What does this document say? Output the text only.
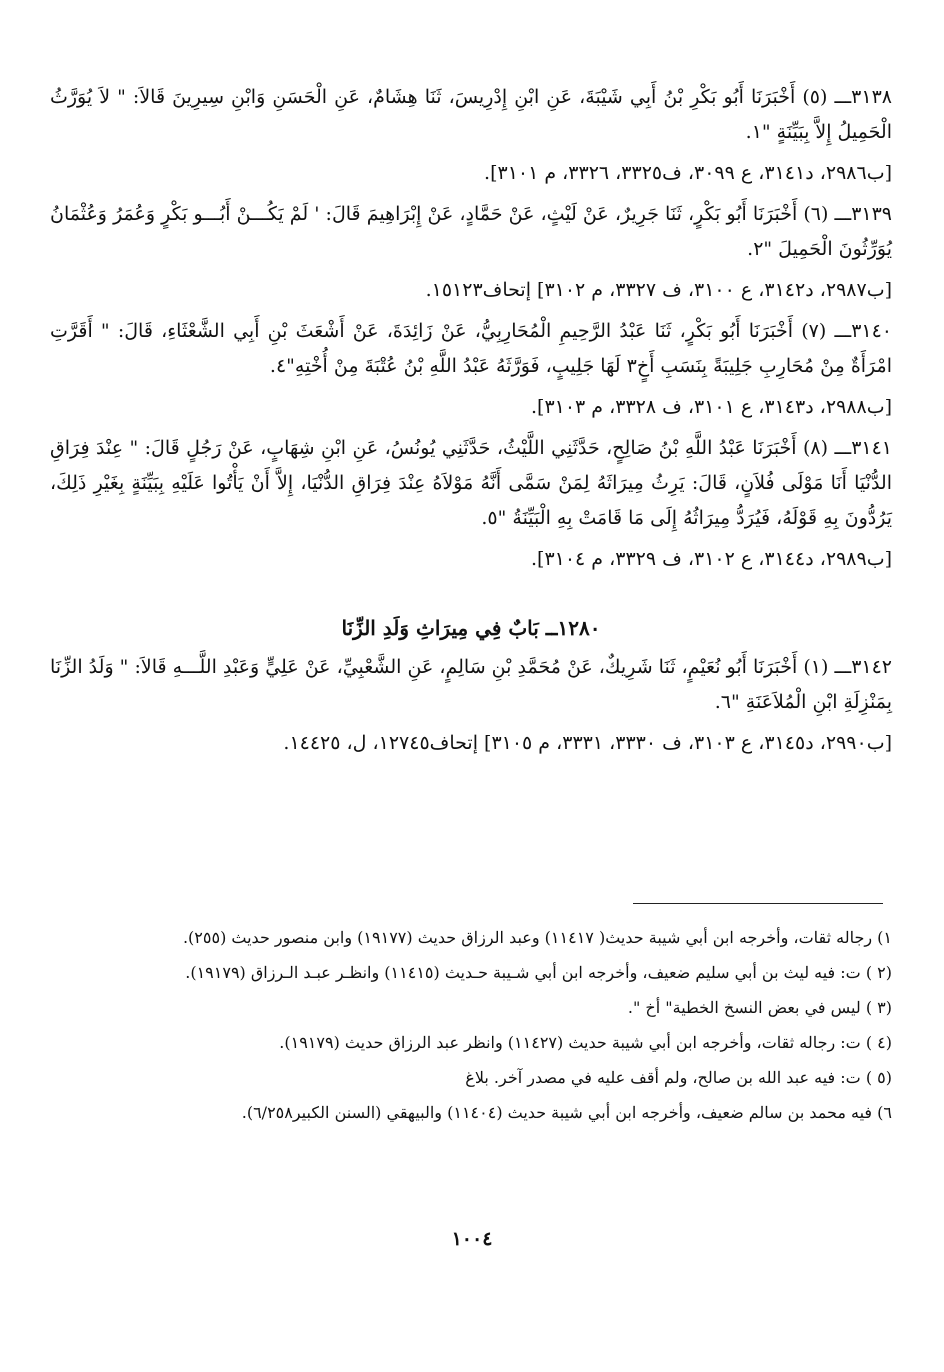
٣١٣٨ـــ (٥) أَخْبَرَنَا أَبُو بَكْرِ بْنُ أَبِي شَيْبَةَ، عَنِ ابْنِ إِدْرِيسَ، ثَنَا هِشَامٌ، عَنِ الْحَسَنِ وَابْنِ سِيرِينَ قَالاَ: " لاَ يُوَرَّثُ الْحَمِيلُ إِلاَّ بِبَيِّنَةٍ "١.

[ب٢٩٨٦، د٣١٤١، ع ٣٠٩٩، ف٣٣٢٥، ٣٣٢٦، م ٣١٠١].

٣١٣٩ـــ (٦) أَخْبَرَنَا أَبُو بَكْرٍ، ثَنَا جَرِيرٌ، عَنْ لَيْثٍ، عَنْ حَمَّادٍ، عَنْ إِبْرَاهِيمَ قَالَ: ' لَمْ يَكُـــنْ أَبُـــو بَكْرٍ وَعُمَرُ وَعُثْمَانُ يُوَرِّثُونَ الْحَمِيلَ "٢.

[ب٢٩٨٧، د٣١٤٢، ع ٣١٠٠، ف ٣٣٢٧، م ٣١٠٢] إتحاف١٥١٢٣.

٣١٤٠ـــ (٧) أَخْبَرَنَا أَبُو بَكْرٍ، ثَنَا عَبْدُ الرَّحِيمِ الْمُحَارِبِيُّ، عَنْ زَائِدَةَ، عَنْ أَشْعَثَ بْنِ أَبِي الشَّعْثَاءِ، قَالَ: " أَقَرَّتِ امْرَأَةٌ مِنْ مُحَارِبِ جَلِيبَةً بِنَسَبِ أَخٍ٣ لَهَا جَلِيبٍ، فَوَرَّثَهُ عَبْدُ اللَّهِ بْنُ عُتْبَةَ مِنْ أُخْتِهِ"٤.

[ب٢٩٨٨، د٣١٤٣، ع ٣١٠١، ف ٣٣٢٨، م ٣١٠٣].

٣١٤١ـــ (٨) أَخْبَرَنَا عَبْدُ اللَّهِ بْنُ صَالِحٍ، حَدَّثَنِي اللَّيْثُ، حَدَّثَنِي يُونُسُ، عَنِ ابْنِ شِهَابٍ، عَنْ رَجُلٍ قَالَ: " عِنْدَ فِرَاقِ الدُّنْيَا أَنَا مَوْلَى فُلاَنٍ، قَالَ: يَرِثُ مِيرَاثَهُ لِمَنْ سَمَّى أَنَّهُ مَوْلاَهُ عِنْدَ فِرَاقِ الدُّنْيَا، إِلاَّ أَنْ يَأْتُوا عَلَيْهِ بِبَيِّنَةٍ بِغَيْرِ ذَلِكَ، يَرُدُّونَ بِهِ قَوْلَهُ، فَيُرَدُّ مِيرَاثُهُ إِلَى مَا قَامَتْ بِهِ الْبَيِّنَةُ "٥.

[ب٢٩٨٩، د٣١٤٤، ع ٣١٠٢، ف ٣٣٢٩، م ٣١٠٤].

١٢٨٠ــ بَابٌ فِي مِيرَاثِ وَلَدِ الزِّنَا

٣١٤٢ـــ (١) أَخْبَرَنَا أَبُو نُعَيْمٍ، ثَنَا شَرِيكٌ، عَنْ مُحَمَّدِ بْنِ سَالِمٍ، عَنِ الشَّعْبِيِّ، عَنْ عَلِيٍّ وَعَبْدِ اللَّـــهِ قَالاَ: " وَلَدُ الزِّنَا بِمَنْزِلَةِ ابْنِ الْمُلاَعَنَةِ "٦.

[ب٢٩٩٠، د٣١٤٥، ع ٣١٠٣، ف ٣٣٣٠، ٣٣٣١، م ٣١٠٥] إتحاف١٢٧٤٥، ل، ١٤٤٢٥.

١) رجاله ثقات، وأخرجه ابن أبي شيبة حديث( ١١٤١٧) وعبد الرزاق حديث (١٩١٧٧) وابن منصور حديث (٢٥٥).

(٢ ) ت: فيه ليث بن أبي سليم ضعيف، وأخرجه ابن أبي شـيبة حـديث (١١٤١٥) وانظـر عبـد الـرزاق (١٩١٧٩).

(٣ ) ليس في بعض النسخ الخطية" أخ ".

(٤ ) ت: رجاله ثقات، وأخرجه ابن أبي شيبة حديث (١١٤٢٧) وانظر عبد الرزاق حديث (١٩١٧٩).

(٥ ) ت: فيه عبد الله بن صالح، ولم أقف عليه في مصدر آخر. بلاغ

٦) فيه محمد بن سالم ضعيف، وأخرجه ابن أبي شيبة حديث (١١٤٠٤) والبيهقي (السنن الكبير٦/٢٥٨).

١٠٠٤
